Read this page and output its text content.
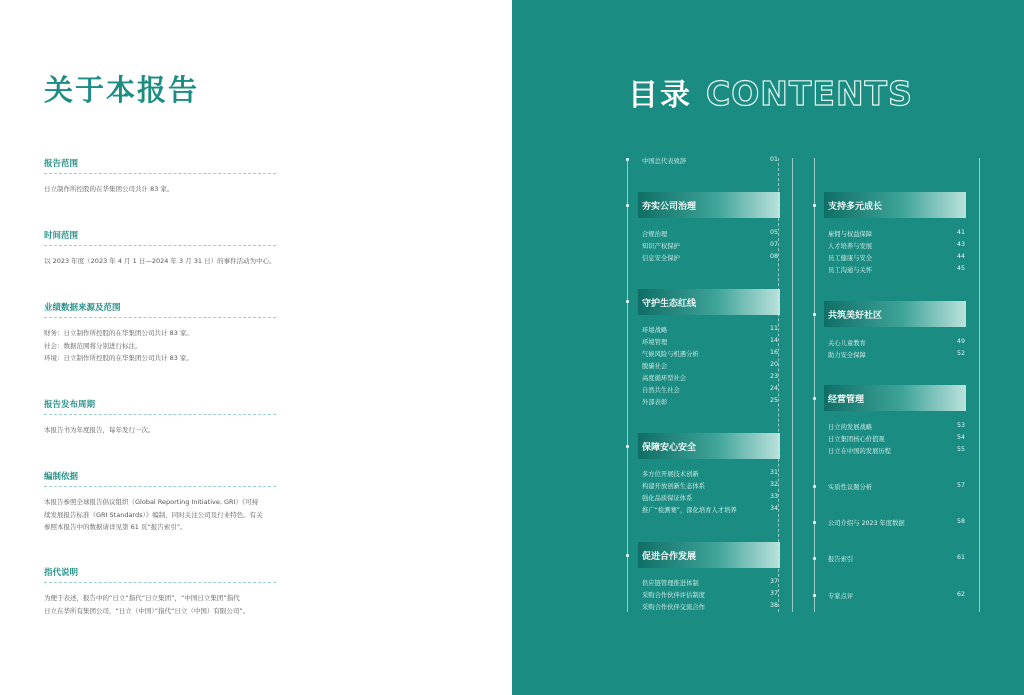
关于本报告
报告范围
日立制作所控股的在华集团公司共计 83 家。
时间范围
以 2023 年度（2023 年 4 月 1 日—2024 年 3 月 31 日）的事件活动为中心。
业绩数据来源及范围
财务：日立制作所控股的在华集团公司共计 83 家。
社会：数据范围将分别进行标注。
环境：日立制作所控股的在华集团公司共计 83 家。
报告发布周期
本报告书为年度报告，每年发行一次。
编制依据
本报告参照全球报告倡议组织（Global Reporting Initiative, GRI）《可持
续发展报告标准（GRI Standards）》编制，同时关注公司及行业特色。有关
参照本报告中的数据请详见第 61 页“报告索引”。
指代说明
为便于表述，报告中的“日立”指代“日立集团”，“中国日立集团”指代
日立在华所有集团公司，“日立（中国）”指代“日立（中国）有限公司”。
目录 CONTENTS
中国总代表致辞	01
夯实公司治理
合规治理	05
知识产权保护	07
信息安全保护	08
守护生态红线
环境战略	11
环境管理	14
气候风险与机遇分析	16
脱碳社会	20
高度循环型社会	23
自然共生社会	24
外部表彰	25
保障安心安全
多方位开展技术创新	31
构建开放创新生态体系	32
强化品质保证体系	33
推广“检测赛”，深化培育人才培养	34
促进合作发展
供应链管理推进体制	37
采购合作伙伴评估制度	37
采购合作伙伴交流合作	38
支持多元成长
雇佣与权益保障	41
人才培养与发展	43
员工健康与安全	44
员工沟通与关怀	45
共筑美好社区
关心儿童教育	49
助力安全保障	52
经营管理
日立的发展战略	53
日立集团核心价值观	54
日立在中国的发展历程	55
实质性议题分析	57
公司介绍与 2023 年度数据	58
报告索引	61
专家点评	62
